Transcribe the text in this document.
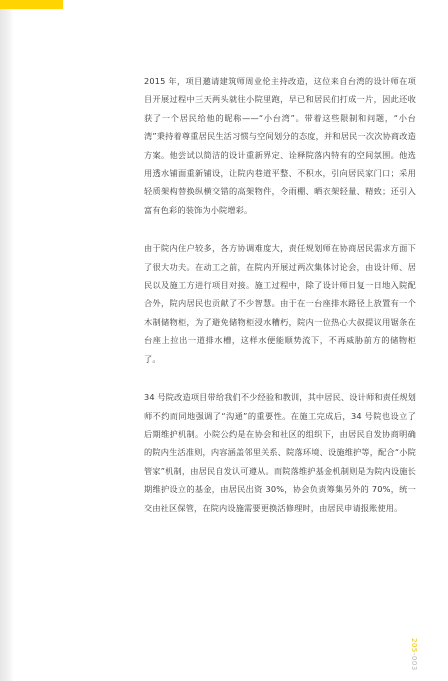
2015 年，项目邀请建筑师周业伦主持改造，这位来自台湾的设计师在项目开展过程中三天两头就往小院里跑，早已和居民们打成一片，因此还收获了一个居民给他的昵称——“小台湾”。带着这些限制和问题，“小台湾”秉持着尊重居民生活习惯与空间划分的态度，并和居民一次次协商改造方案。他尝试以简洁的设计重新界定、诠释院落内特有的空间氛围。他选用透水铺面重新铺设，让院内巷道平整、不积水，引向居民家门口；采用轻质架构替换纵横交错的高架物件，令雨棚、晒衣架轻量、精致；还引入富有色彩的装饰为小院增彩。

由于院内住户较多，各方协调难度大，责任规划师在协商居民需求方面下了很大功夫。在动工之前，在院内开展过两次集体讨论会，由设计师、居民以及施工方进行项目对接。施工过程中，除了设计师日复一日地入院配合外，院内居民也贡献了不少智慧。由于在一台座排水路径上放置有一个木制储物柜，为了避免储物柜浸水糟朽，院内一位热心大叔提议用锯条在台座上拉出一道排水槽，这样水便能顺势流下，不再威胁前方的储物柜了。

34 号院改造项目带给我们不少经验和教训，其中居民、设计师和责任规划师不约而同地强调了“沟通”的重要性。在施工完成后，34 号院也设立了后期维护机制。小院公约是在协会和社区的组织下，由居民自发协商明确的院内生活准则，内容涵盖邻里关系、院落环境、设施维护等，配合“小院管家”机制，由居民自发认可遵从。而院落维护基金机制则是为院内设施长期维护设立的基金，由居民出资 30%，协会负责筹集另外的 70%，统一交由社区保管，在院内设施需要更换活修理时，由居民申请报账使用。

205-003
